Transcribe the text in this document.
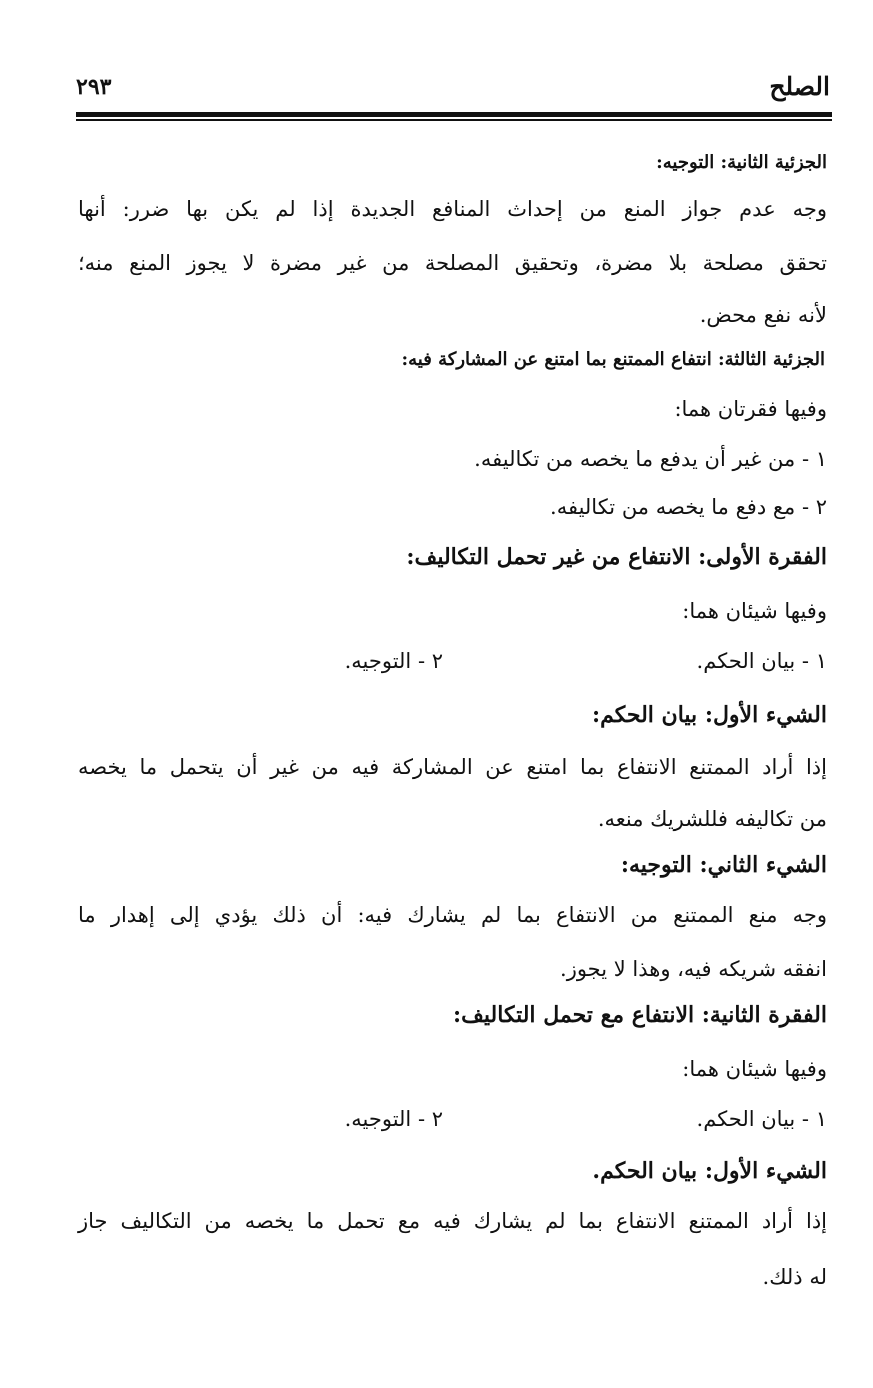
الصلح
٢٩٣
الجزئية الثانية: التوجيه:
وجه عدم جواز المنع من إحداث المنافع الجديدة إذا لم يكن بها ضرر: أنها
تحقق مصلحة بلا مضرة، وتحقيق المصلحة من غير مضرة لا يجوز المنع منه؛
لأنه نفع محض.
الجزئية الثالثة: انتفاع الممتنع بما امتنع عن المشاركة فيه:
وفيها فقرتان هما:
١ - من غير أن يدفع ما يخصه من تكاليفه.
٢ - مع دفع ما يخصه من تكاليفه.
الفقرة الأولى: الانتفاع من غير تحمل التكاليف:
وفيها شيئان هما:
١ - بيان الحكم.
٢ - التوجيه.
الشيء الأول: بيان الحكم:
إذا أراد الممتنع الانتفاع بما امتنع عن المشاركة فيه من غير أن يتحمل ما يخصه
من تكاليفه فللشريك منعه.
الشيء الثاني: التوجيه:
وجه منع الممتنع من الانتفاع بما لم يشارك فيه: أن ذلك يؤدي إلى إهدار ما
انفقه شريكه فيه، وهذا لا يجوز.
الفقرة الثانية: الانتفاع مع تحمل التكاليف:
وفيها شيئان هما:
١ - بيان الحكم.
٢ - التوجيه.
الشيء الأول: بيان الحكم.
إذا أراد الممتنع الانتفاع بما لم يشارك فيه مع تحمل ما يخصه من التكاليف جاز
له ذلك.
